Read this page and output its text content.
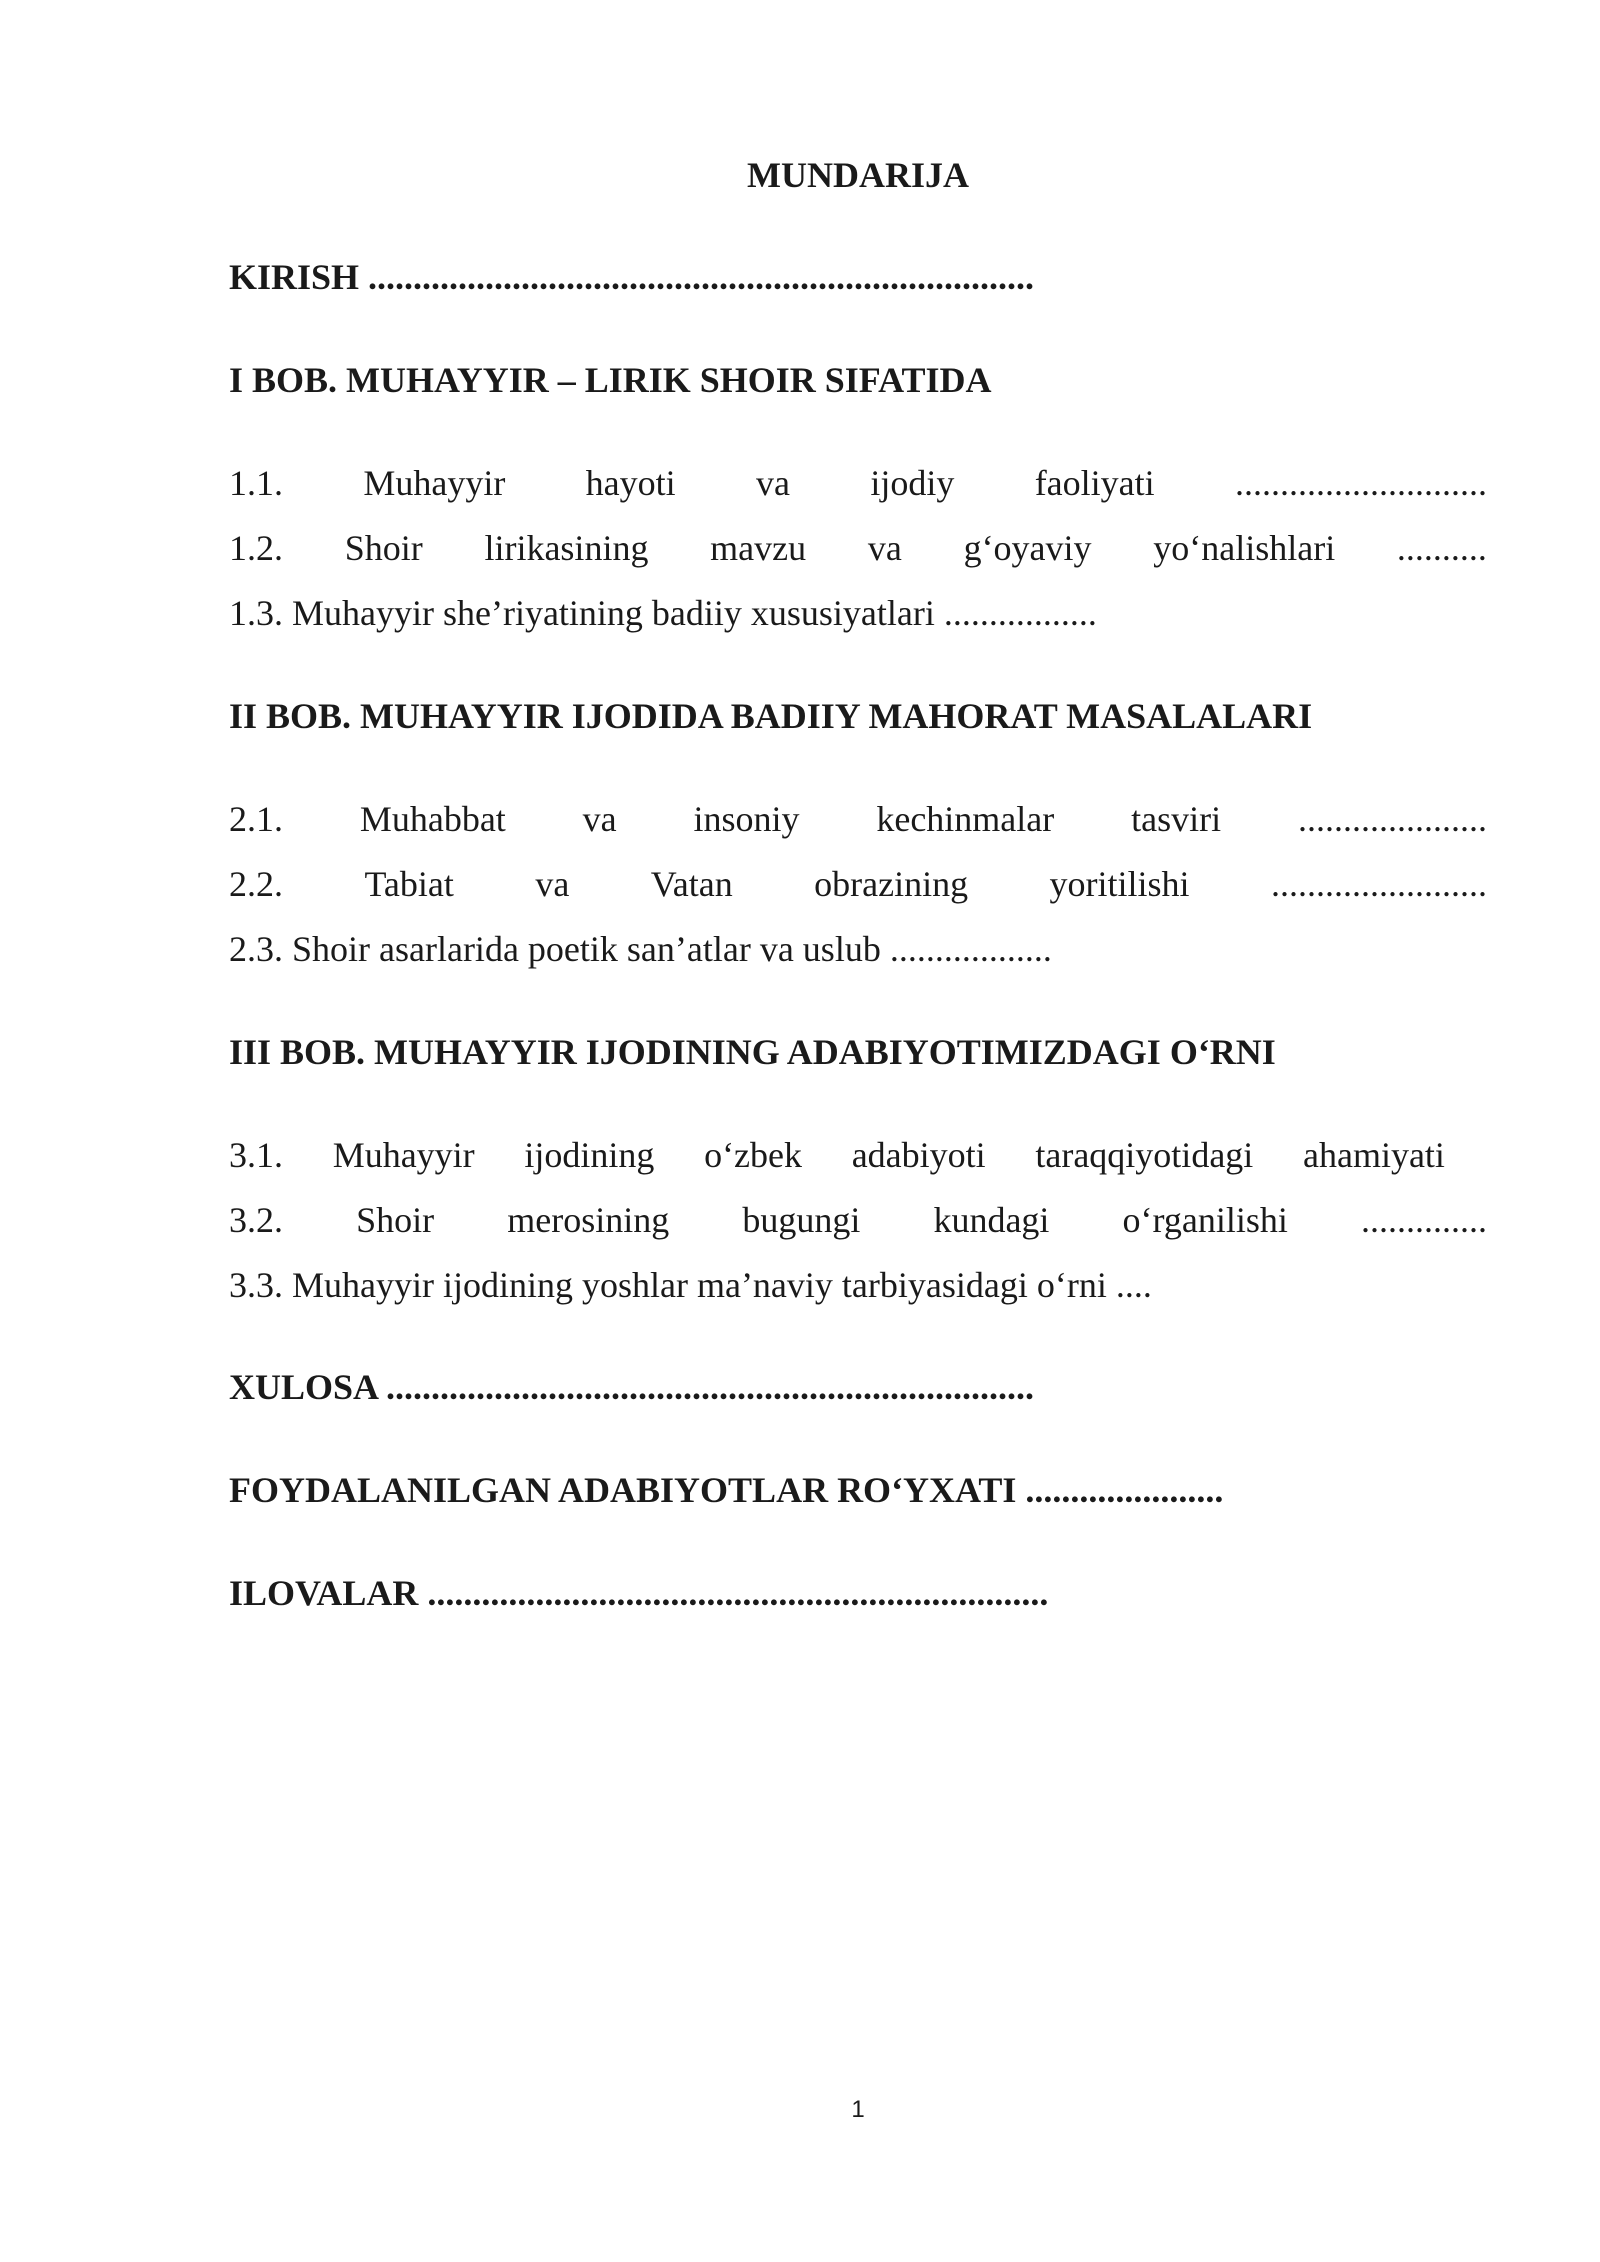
MUNDARIJA
KIRISH ..........................................................................
I BOB. MUHAYYIR – LIRIK SHOIR SIFATIDA
1.1. Muhayyir hayoti va ijodiy faoliyati ............................
1.2. Shoir lirikasining mavzu va g‘oyaviy yo‘nalishlari ..........
1.3. Muhayyir she’riyatining badiiy xususiyatlari .................
II BOB. MUHAYYIR IJODIDA BADIIY MAHORAT MASALALARI
2.1. Muhabbat va insoniy kechinmalar tasviri .....................
2.2. Tabiat va Vatan obrazining yoritilishi ........................
2.3. Shoir asarlarida poetik san’atlar va uslub ..................
III BOB. MUHAYYIR IJODINING ADABIYOTIMIZDAGI O‘RNI
3.1. Muhayyir ijodining o‘zbek adabiyoti taraqqiyotidagi ahamiyati
3.2. Shoir merosining bugungi kundagi o‘rganilishi ..............
3.3. Muhayyir ijodining yoshlar ma’naviy tarbiyasidagi o‘rni ....
XULOSA ........................................................................
FOYDALANILGAN ADABIYOTLAR RO‘YXATI ......................
ILOVALAR .....................................................................
1
